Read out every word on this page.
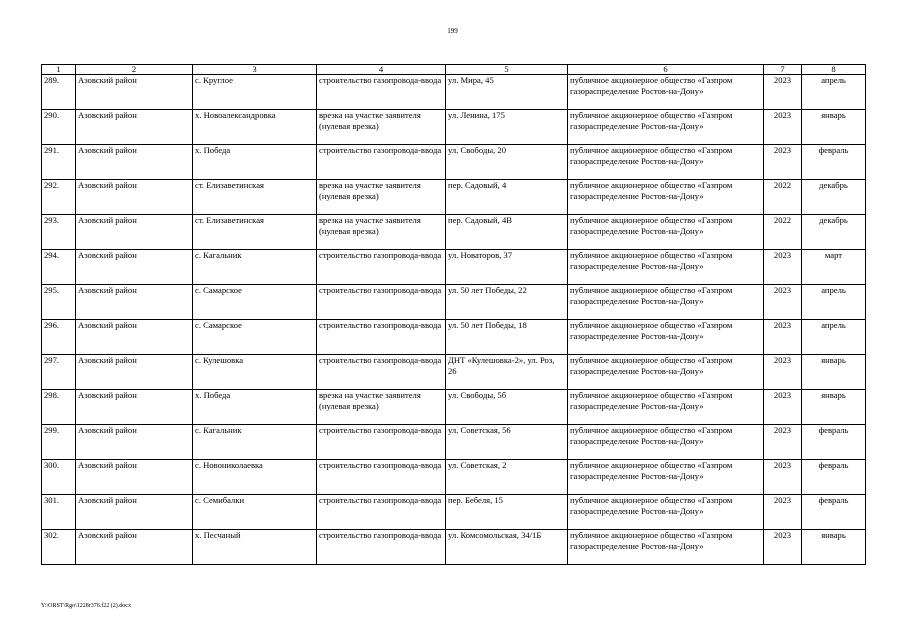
199
1	2	3	4	5	6	7	8
289.	Азовский район	с. Круглое	строительство газопровода-ввода	ул. Мира, 45	публичное акционерное общество «Газпром газораспределение Ростов-на-Дону»	2023	апрель
290.	Азовский район	х. Новоалександровка	врезка на участке заявителя (нулевая врезка)	ул. Ленина, 175	публичное акционерное общество «Газпром газораспределение Ростов-на-Дону»	2023	январь
291.	Азовский район	х. Победа	строительство газопровода-ввода	ул. Свободы, 20	публичное акционерное общество «Газпром газораспределение Ростов-на-Дону»	2023	февраль
292.	Азовский район	ст. Елизаветинская	врезка на участке заявителя (нулевая врезка)	пер. Садовый, 4	публичное акционерное общество «Газпром газораспределение Ростов-на-Дону»	2022	декабрь
293.	Азовский район	ст. Елизаветинская	врезка на участке заявителя (нулевая врезка)	пер. Садовый, 4В	публичное акционерное общество «Газпром газораспределение Ростов-на-Дону»	2022	декабрь
294.	Азовский район	с. Кагальник	строительство газопровода-ввода	ул. Новаторов, 37	публичное акционерное общество «Газпром газораспределение Ростов-на-Дону»	2023	март
295.	Азовский район	с. Самарское	строительство газопровода-ввода	ул. 50 лет Победы, 22	публичное акционерное общество «Газпром газораспределение Ростов-на-Дону»	2023	апрель
296.	Азовский район	с. Самарское	строительство газопровода-ввода	ул. 50 лет Победы, 18	публичное акционерное общество «Газпром газораспределение Ростов-на-Дону»	2023	апрель
297.	Азовский район	с. Кулешовка	строительство газопровода-ввода	ДНТ «Кулешовка-2», ул. Роз, 26	публичное акционерное общество «Газпром газораспределение Ростов-на-Дону»	2023	январь
298.	Азовский район	х. Победа	врезка на участке заявителя (нулевая врезка)	ул. Свободы, 5б	публичное акционерное общество «Газпром газораспределение Ростов-на-Дону»	2023	январь
299.	Азовский район	с. Кагальник	строительство газопровода-ввода	ул. Советская, 56	публичное акционерное общество «Газпром газораспределение Ростов-на-Дону»	2023	февраль
300.	Азовский район	с. Новониколаевка	строительство газопровода-ввода	ул. Советская, 2	публичное акционерное общество «Газпром газораспределение Ростов-на-Дону»	2023	февраль
301.	Азовский район	с. Семибалки	строительство газопровода-ввода	пер. Бебеля, 15	публичное акционерное общество «Газпром газораспределение Ростов-на-Дону»	2023	февраль
302.	Азовский район	х. Песчаный	строительство газопровода-ввода	ул. Комсомольская, 34/1Б	публичное акционерное общество «Газпром газораспределение Ростов-на-Дону»	2023	январь
Y:\ORST\Rgo\1228r376.f22 (2).docx
